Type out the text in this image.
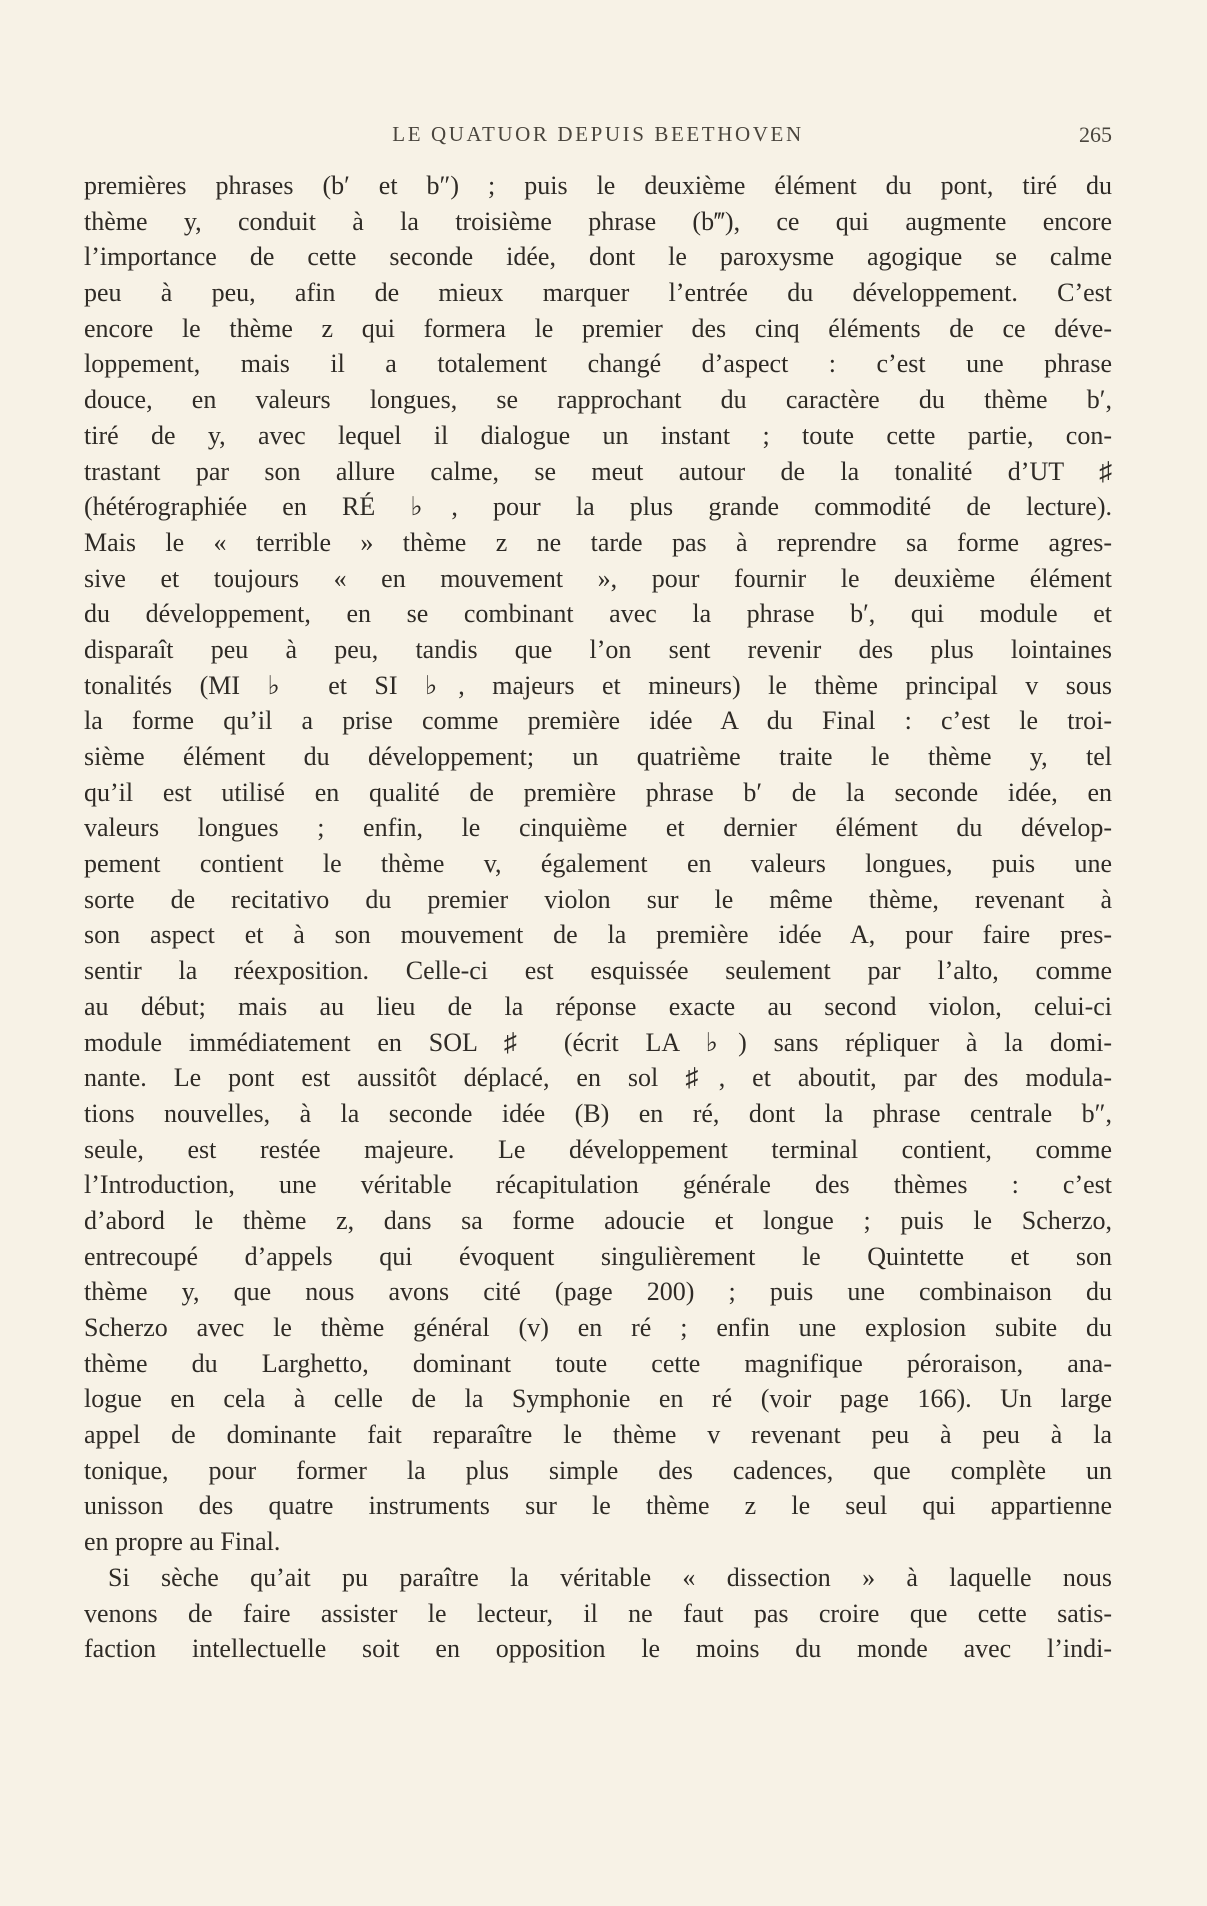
LE QUATUOR DEPUIS BEETHOVEN	265
premières phrases (b′ et b″) ; puis le deuxième élément du pont, tiré du
thème y, conduit à la troisième phrase (b‴), ce qui augmente encore
l’importance de cette seconde idée, dont le paroxysme agogique se calme
peu à peu, afin de mieux marquer l’entrée du développement. C’est
encore le thème z qui formera le premier des cinq éléments de ce déve-
loppement, mais il a totalement changé d’aspect : c’est une phrase
douce, en valeurs longues, se rapprochant du caractère du thème b′,
tiré de y, avec lequel il dialogue un instant ; toute cette partie, con-
trastant par son allure calme, se meut autour de la tonalité d’UT ♯
(hétérographiée en RÉ ♭, pour la plus grande commodité de lecture).
Mais le « terrible » thème z ne tarde pas à reprendre sa forme agres-
sive et toujours « en mouvement », pour fournir le deuxième élément
du développement, en se combinant avec la phrase b′, qui module et
disparaît peu à peu, tandis que l’on sent revenir des plus lointaines
tonalités (MI ♭ et SI ♭, majeurs et mineurs) le thème principal v sous
la forme qu’il a prise comme première idée A du Final : c’est le troi-
sième élément du développement; un quatrième traite le thème y, tel
qu’il est utilisé en qualité de première phrase b′ de la seconde idée, en
valeurs longues ; enfin, le cinquième et dernier élément du dévelop-
pement contient le thème v, également en valeurs longues, puis une
sorte de recitativo du premier violon sur le même thème, revenant à
son aspect et à son mouvement de la première idée A, pour faire pres-
sentir la réexposition. Celle-ci est esquissée seulement par l’alto, comme
au début; mais au lieu de la réponse exacte au second violon, celui-ci
module immédiatement en SOL ♯ (écrit LA ♭) sans répliquer à la domi-
nante. Le pont est aussitôt déplacé, en sol ♯, et aboutit, par des modula-
tions nouvelles, à la seconde idée (B) en ré, dont la phrase centrale b″,
seule, est restée majeure. Le développement terminal contient, comme
l’Introduction, une véritable récapitulation générale des thèmes : c’est
d’abord le thème z, dans sa forme adoucie et longue ; puis le Scherzo,
entrecoupé d’appels qui évoquent singulièrement le Quintette et son
thème y, que nous avons cité (page 200) ; puis une combinaison du
Scherzo avec le thème général (v) en ré ; enfin une explosion subite du
thème du Larghetto, dominant toute cette magnifique péroraison, ana-
logue en cela à celle de la Symphonie en ré (voir page 166). Un large
appel de dominante fait reparaître le thème v revenant peu à peu à la
tonique, pour former la plus simple des cadences, que complète un
unisson des quatre instruments sur le thème z le seul qui appartienne
en propre au Final.
Si sèche qu’ait pu paraître la véritable « dissection » à laquelle nous
venons de faire assister le lecteur, il ne faut pas croire que cette satis-
faction intellectuelle soit en opposition le moins du monde avec l’indi-
